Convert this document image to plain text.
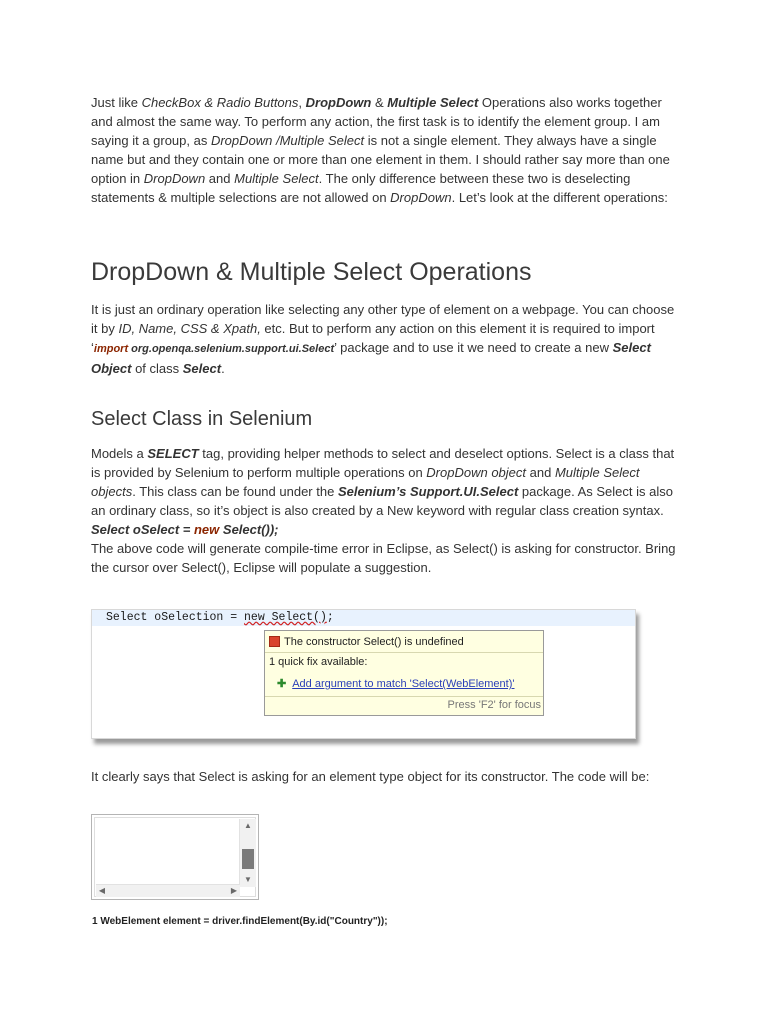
Just like CheckBox & Radio Buttons, DropDown & Multiple Select Operations also works together and almost the same way. To perform any action, the first task is to identify the element group. I am saying it a group, as DropDown /Multiple Select is not a single element. They always have a single name but and they contain one or more than one element in them. I should rather say more than one option in DropDown and Multiple Select. The only difference between these two is deselecting statements & multiple selections are not allowed on DropDown. Let’s look at the different operations:

DropDown & Multiple Select Operations

It is just an ordinary operation like selecting any other type of element on a webpage. You can choose it by ID, Name, CSS & Xpath, etc. But to perform any action on this element it is required to import ‘import org.openqa.selenium.support.ui.Select’ package and to use it we need to create a new Select Object of class Select.

Select Class in Selenium

Models a SELECT tag, providing helper methods to select and deselect options. Select is a class that is provided by Selenium to perform multiple operations on DropDown object and Multiple Select objects. This class can be found under the Selenium’s Support.UI.Select package. As Select is also an ordinary class, so it’s object is also created by a New keyword with regular class creation syntax.
Select oSelect = new Select());
The above code will generate compile-time error in Eclipse, as Select() is asking for constructor. Bring the cursor over Select(), Eclipse will populate a suggestion.

Select oSelection = new Select();
The constructor Select() is undefined
1 quick fix available:
✚ Add argument to match 'Select(WebElement)'
Press 'F2' for focus

It clearly says that Select is asking for an element type object for its constructor. The code will be:

▲
▼
◀	▶
1 WebElement element = driver.findElement(By.id("Country"));
